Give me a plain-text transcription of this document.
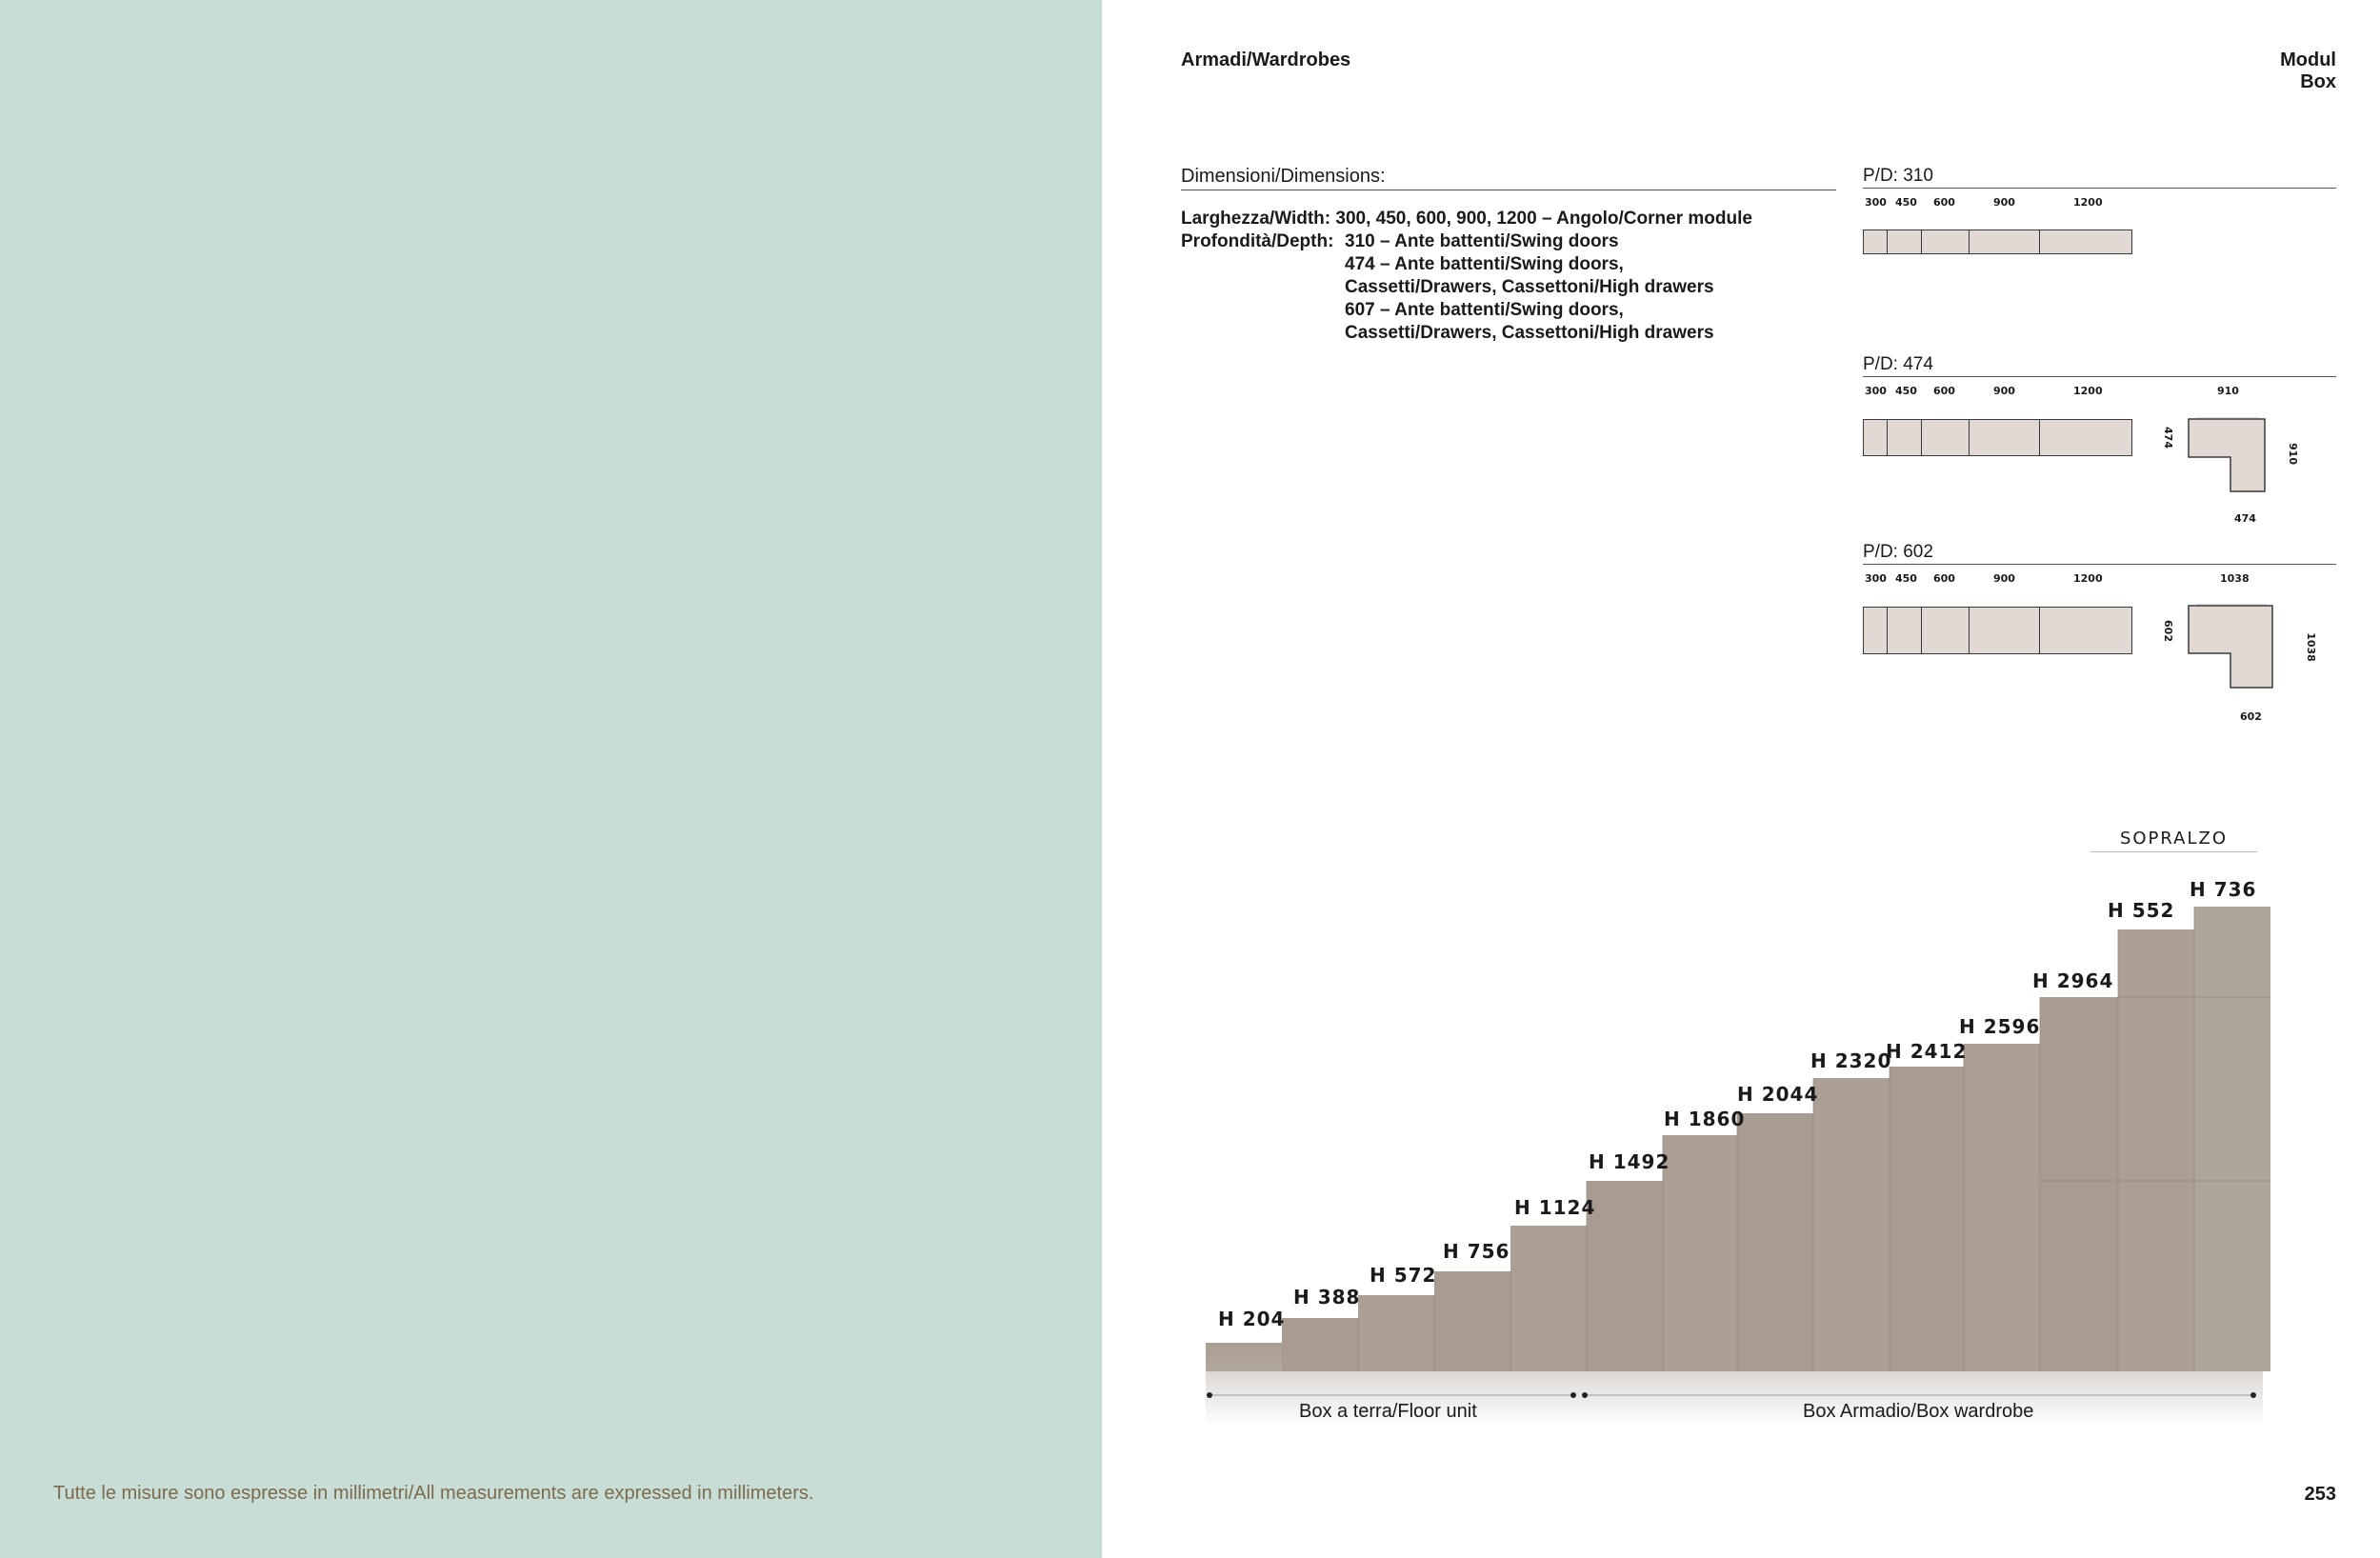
Tutte le misure sono espresse in millimetri/All measurements are expressed in millimeters.
Armadi/Wardrobes	Modul Box
Dimensioni/Dimensions:
Larghezza/Width: 300, 450, 600, 900, 1200 – Angolo/Corner module
Profondità/Depth: 310 – Ante battenti/Swing doors
474 – Ante battenti/Swing doors,
Cassetti/Drawers, Cassettoni/High drawers
607 – Ante battenti/Swing doors,
Cassetti/Drawers, Cassettoni/High drawers
P/D: 310
300 450 600	900	1200
P/D: 474
300 450 600	900	1200	910
474
910
474
P/D: 602
300 450 600	900	1200	1038
602
1038
602
SOPRALZO
H 204
H 388
H 572
H 756
H 1124
H 1492
H 1860
H 2044
H 2320
H 2412
H 2596
H 2964
H 552
H 736
Box a terra/Floor unit	Box Armadio/Box wardrobe
253
